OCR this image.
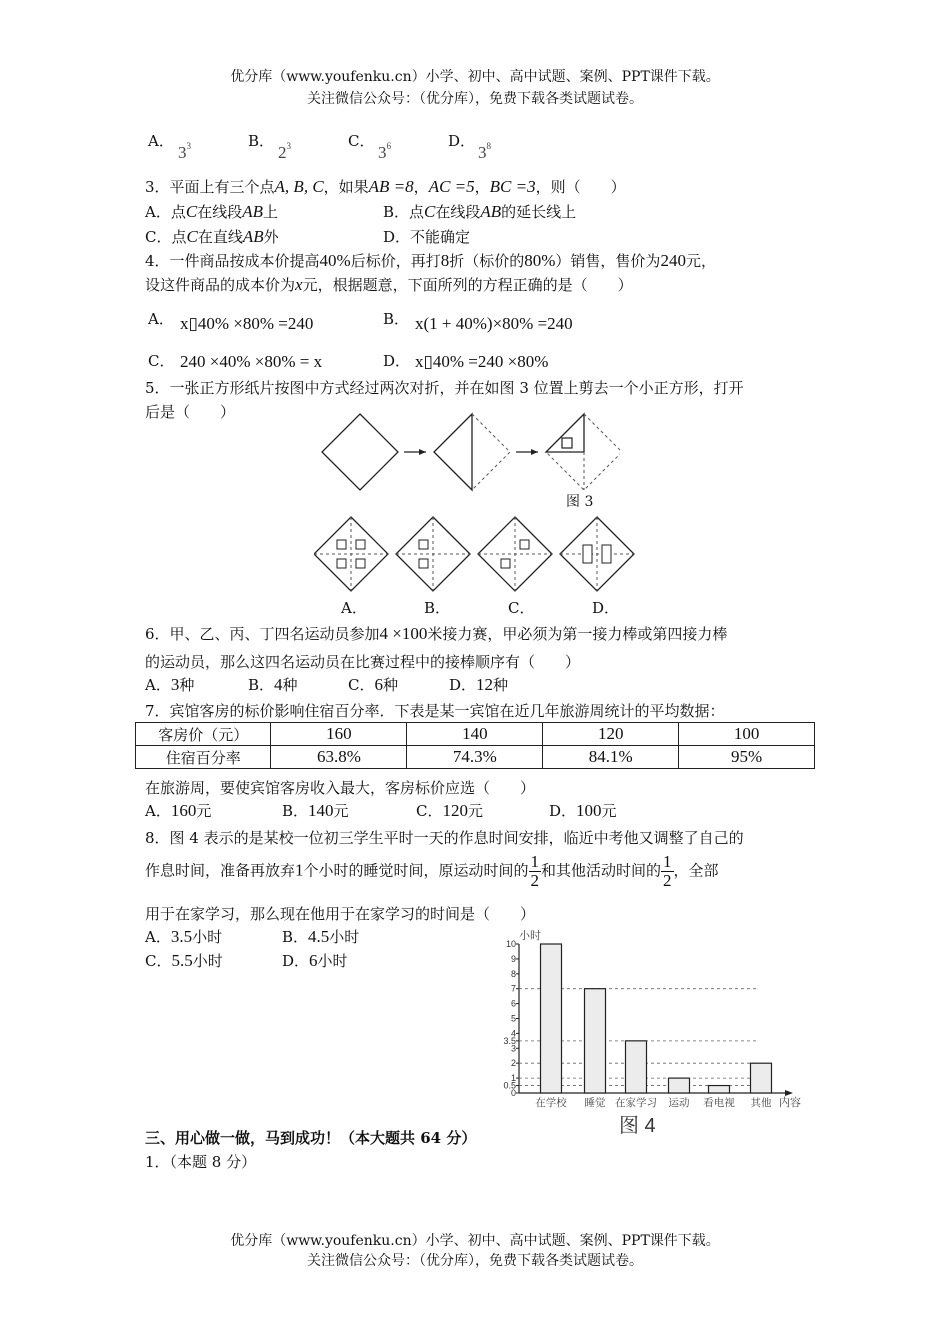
优分库（www.youfenku.cn）小学、初中、高中试题、案例、PPT课件下载。
关注微信公众号：（优分库），免费下载各类试题试卷。
A．
$3^3$	B．
$2^3$	C．
$3^6$	D．
$3^8$
3．平面上有三个点A, B, C，如果AB =8，AC =5，BC =3，则（　　）
A．点C在线段AB上	B．点C在线段AB的延长线上
C．点C在直线AB外	D．不能确定
4．一件商品按成本价提高40%后标价，再打8折（标价的80%）销售，售价为240元，
设这件商品的成本价为x元，根据题意，下面所列的方程正确的是（　　）
A． x▯40% ×80% =240	B． x(1 + 40%)×80% =240
C． 240 ×40% ×80% = x	D． x▯40% =240 ×80%
5．一张正方形纸片按图中方式经过两次对折，并在如图 3 位置上剪去一个小正方形，打开
后是（　　）
图 3
A．	B．	C．	D．
6．甲、乙、丙、丁四名运动员参加4 ×100米接力赛，甲必须为第一接力棒或第四接力棒
的运动员，那么这四名运动员在比赛过程中的接棒顺序有（　　）
A．3种	B．4种	C．6种	D．12种
7．宾馆客房的标价影响住宿百分率．下表是某一宾馆在近几年旅游周统计的平均数据：
客房价（元）	160	140	120	100
住宿百分率	63.8%	74.3%	84.1%	95%
在旅游周，要使宾馆客房收入最大，客房标价应选（　　）
A．160元	B．140元	C．120元	D．100元
8．图 4 表示的是某校一位初三学生平时一天的作息时间安排，临近中考他又调整了自己的
作息时间，准备再放弃1个小时的睡觉时间，原运动时间的 $\frac{1}{2}$ 和其他活动时间的 $\frac{1}{2}$ ，全部
用于在家学习，那么现在他用于在家学习的时间是（　　）
A．3.5小时	B．4.5小时
C．5.5小时	D．6小时
小时
内容
0
0.5
1
2
3
3.5
4
5
6
7
8
9
10
在学校 睡觉 在家学习 运动 看电视 其他
图 4
三、用心做一做，马到成功！（本大题共 64 分）
1．（本题 8 分）
优分库（www.youfenku.cn）小学、初中、高中试题、案例、PPT课件下载。
关注微信公众号：（优分库），免费下载各类试题试卷。
